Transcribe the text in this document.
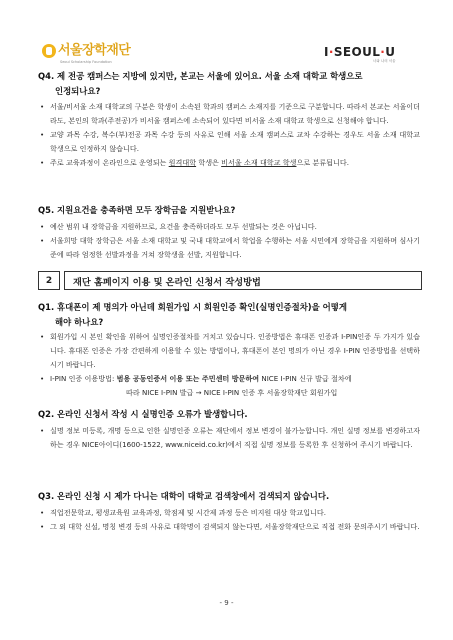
서울장학재단
Seoul Scholarship Foundation
I·SEOUL·U
너와 나의 서울
Q4. 제 전공 캠퍼스는 지방에 있지만, 본교는 서울에 있어요. 서울 소재 대학교 학생으로
인정되나요?
• 서울/비서울 소재 대학교의 구분은 학생이 소속된 학과의 캠퍼스 소재지를 기준으로 구분합니다. 따라서 본교는 서울이더라도, 본인의 학과(주전공)가 비서울 캠퍼스에 소속되어 있다면 비서울 소재 대학교 학생으로 신청해야 합니다.
• 교양 과목 수강, 복수(부)전공 과목 수강 등의 사유로 인해 서울 소재 캠퍼스로 교차 수강하는 경우도 서울 소재 대학교 학생으로 인정하지 않습니다.
• 주로 교육과정이 온라인으로 운영되는 원격대학 학생은 비서울 소재 대학교 학생으로 분류됩니다.
Q5. 지원요건을 충족하면 모두 장학금을 지원받나요?
• 예산 범위 내 장학금을 지원하므로, 요건을 충족하더라도 모두 선발되는 것은 아닙니다.
• 서울희망 대학 장학금은 서울 소재 대학교 및 국내 대학교에서 학업을 수행하는 서울 시민에게 장학금을 지원하며 심사기준에 따라 엄정한 선발과정을 거쳐 장학생을 선발, 지원합니다.
2	재단 홈페이지 이용 및 온라인 신청서 작성방법
Q1. 휴대폰이 제 명의가 아닌데 회원가입 시 회원인증 확인(실명인증절차)을 어떻게
해야 하나요?
• 회원가입 시 본인 확인을 위하여 실명인증절차를 거치고 있습니다. 인증방법은 휴대폰 인증과 I-PIN인증 두 가지가 있습니다. 휴대폰 인증은 가장 간편하게 이용할 수 있는 방법이나, 휴대폰이 본인 명의가 아닌 경우 I-PIN 인증방법을 선택하시기 바랍니다.
• I-PIN 인증 이용방법: 범용 공동인증서 이용 또는 주민센터 방문하여 NICE I-PIN 신규 발급 절차에
따라 NICE I-PIN 발급 → NICE I-PIN 인증 후 서울장학재단 회원가입
Q2. 온라인 신청서 작성 시 실명인증 오류가 발생합니다.
• 실명 정보 미등록, 개명 등으로 인한 실명인증 오류는 재단에서 정보 변경이 불가능합니다. 개인 실명 정보를 변경하고자 하는 경우 NICE아이디(1600-1522, www.niceid.co.kr)에서 직접 실명 정보를 등록한 후 신청하여 주시기 바랍니다.
Q3. 온라인 신청 시 제가 다니는 대학이 대학교 검색창에서 검색되지 않습니다.
• 직업전문학교, 평생교육원 교육과정, 학점제 및 시간제 과정 등은 비지원 대상 학교입니다.
• 그 외 대학 신설, 명칭 변경 등의 사유로 대학명이 검색되지 않는다면, 서울장학재단으로 직접 전화 문의주시기 바랍니다.
- 9 -
